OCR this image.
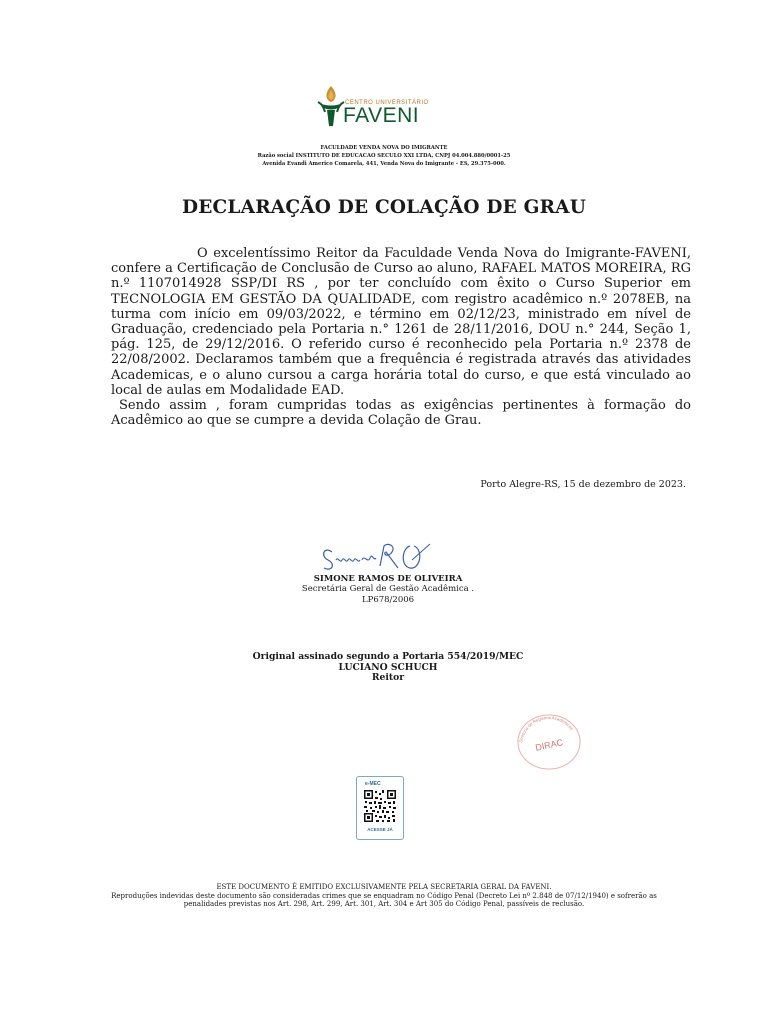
CENTRO UNIVERSITÁRIO
FAVENI
FACULDADE VENDA NOVA DO IMIGRANTE
Razão social INSTITUTO DE EDUCACAO SECULO XXI LTDA, CNPJ 04.004.880/0001-25
Avenida Evandi Americo Comarela, 441, Venda Nova do Imigrante - ES, 29.375-000.
DECLARAÇÃO DE COLAÇÃO DE GRAU

O excelentíssimo Reitor da Faculdade Venda Nova do Imigrante-FAVENI, confere a Certificação de Conclusão de Curso ao aluno, RAFAEL MATOS MOREIRA, RG n.º 1107014928 SSP/DI RS , por ter concluído com êxito o Curso Superior em TECNOLOGIA EM GESTÃO DA QUALIDADE, com registro acadêmico n.º 2078EB, na turma com início em 09/03/2022, e término em 02/12/23, ministrado em nível de Graduação, credenciado pela Portaria n.° 1261 de 28/11/2016, DOU n.° 244, Seção 1, pág. 125, de 29/12/2016. O referido curso é reconhecido pela Portaria n.º 2378 de 22/08/2002. Declaramos também que a frequência é registrada através das atividades Academicas, e o aluno cursou a carga horária total do curso, e que está vinculado ao local de aulas em Modalidade EAD.

Sendo assim , foram cumpridas todas as exigências pertinentes à formação do Acadêmico ao que se cumpre a devida Colação de Grau.

Porto Alegre-RS, 15 de dezembro de 2023.
SIMONE RAMOS DE OLIVEIRA
Secretária Geral de Gestão Acadêmica .
LP678/2006
Original assinado segundo a Portaria 554/2019/MEC
LUCIANO SCHUCH
Reitor
Diretoria de Registros Acadêmicos
DIRAC
e-MEC
ACESSE JÁ
ESTE DOCUMENTO É EMITIDO EXCLUSIVAMENTE PELA SECRETARIA GERAL DA FAVENI.
Reproduções indevidas deste documento são consideradas crimes que se enquadram no Código Penal (Decreto Lei nº 2.848 de 07/12/1940) e sofrerão as
penalidades previstas nos Art. 298, Art. 299, Art. 301, Art. 304 e Art 305 do Código Penal, passíveis de reclusão.
